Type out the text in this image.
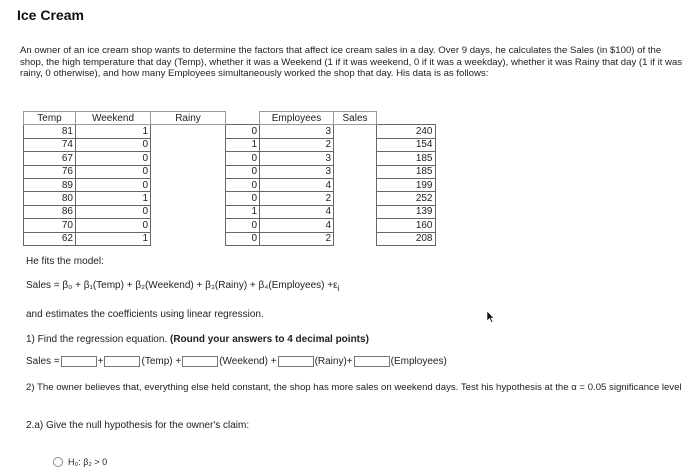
Ice Cream

An owner of an ice cream shop wants to determine the factors that affect ice cream sales in a day. Over 9 days, he calculates the Sales (in $100) of the shop, the high temperature that day (Temp), whether it was a Weekend (1 if it was weekend, 0 if it was a weekday), whether it was Rainy that day (1 if it was rainy, 0 otherwise), and how many Employees simultaneously worked the shop that day. His data is as follows:

Temp	Weekend	Rainy		Employees	Sales	
81	1		0	3		240
74	0		1	2		154
67	0		0	3		185
76	0		0	3		185
89	0		0	4		199
80	1		0	2		252
86	0		1	4		139
70	0		0	4		160
62	1		0	2		208
He fits the model:
Sales = β₀ + β₁(Temp) + β₂(Weekend) + β₃(Rainy) + β₄(Employees) $+\varepsilon_i$
and estimates the coefficients using linear regression.
1) Find the regression equation. (Round your answers to 4 decimal points)
Sales =	+	(Temp) +	(Weekend) +	(Rainy)+	(Employees)
2) The owner believes that, everything else held constant, the shop has more sales on weekend days. Test his hypothesis at the α = 0.05 significance level
2.a) Give the null hypothesis for the owner's claim:
H₀: β₂ > 0
